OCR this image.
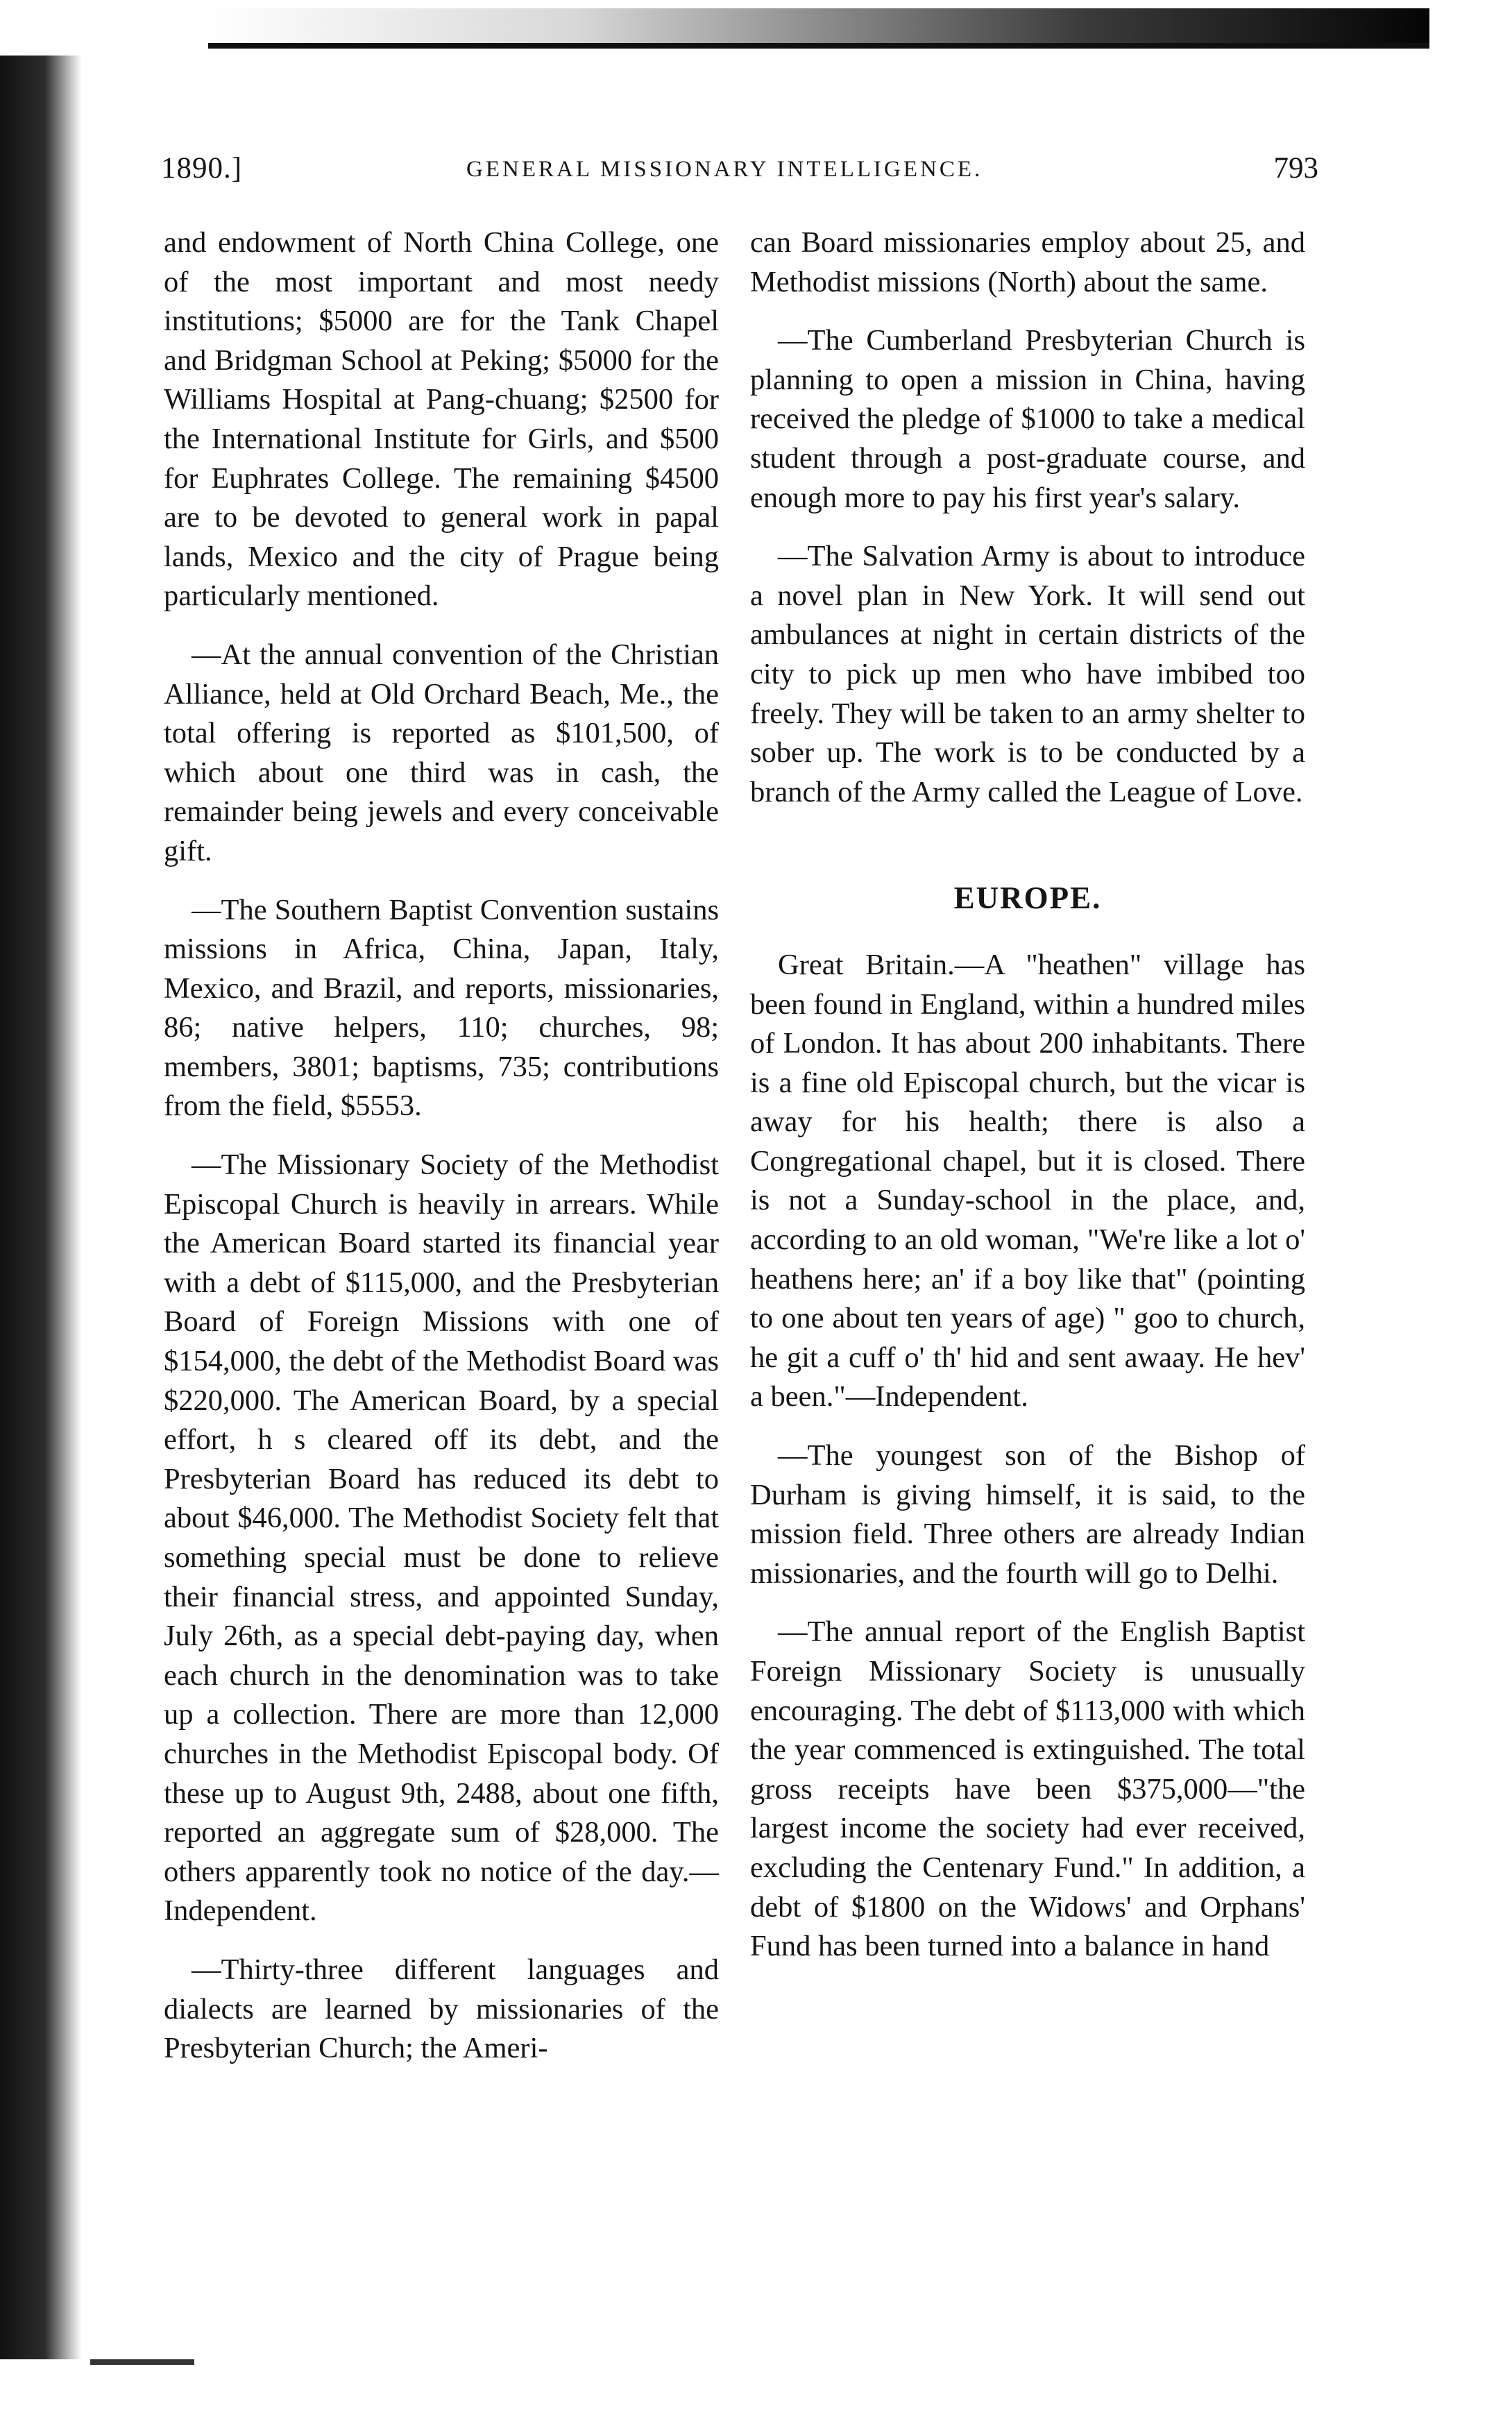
1890.]	GENERAL MISSIONARY INTELLIGENCE.	793

and endowment of North China College, one of the most important and most needy institutions; $5000 are for the Tank Chapel and Bridgman School at Peking; $5000 for the Williams Hospital at Pang-chuang; $2500 for the International Institute for Girls, and $500 for Euphrates College. The remaining $4500 are to be devoted to general work in papal lands, Mexico and the city of Prague being particularly mentioned.

—At the annual convention of the Christian Alliance, held at Old Orchard Beach, Me., the total offering is reported as $101,500, of which about one third was in cash, the remainder being jewels and every conceivable gift.

—The Southern Baptist Convention sustains missions in Africa, China, Japan, Italy, Mexico, and Brazil, and reports, missionaries, 86; native helpers, 110; churches, 98; members, 3801; baptisms, 735; contributions from the field, $5553.

—The Missionary Society of the Methodist Episcopal Church is heavily in arrears. While the American Board started its financial year with a debt of $115,000, and the Presbyterian Board of Foreign Missions with one of $154,000, the debt of the Methodist Board was $220,000. The American Board, by a special effort, h s cleared off its debt, and the Presbyterian Board has reduced its debt to about $46,000. The Methodist Society felt that something special must be done to relieve their financial stress, and appointed Sunday, July 26th, as a special debt-paying day, when each church in the denomination was to take up a collection. There are more than 12,000 churches in the Methodist Episcopal body. Of these up to August 9th, 2488, about one fifth, reported an aggregate sum of $28,000. The others apparently took no notice of the day.—Independent.

—Thirty-three different languages and dialects are learned by missionaries of the Presbyterian Church; the Ameri-

can Board missionaries employ about 25, and Methodist missions (North) about the same.

—The Cumberland Presbyterian Church is planning to open a mission in China, having received the pledge of $1000 to take a medical student through a post-graduate course, and enough more to pay his first year's salary.

—The Salvation Army is about to introduce a novel plan in New York. It will send out ambulances at night in certain districts of the city to pick up men who have imbibed too freely. They will be taken to an army shelter to sober up. The work is to be conducted by a branch of the Army called the League of Love.

EUROPE.

Great Britain.—A "heathen" village has been found in England, within a hundred miles of London. It has about 200 inhabitants. There is a fine old Episcopal church, but the vicar is away for his health; there is also a Congregational chapel, but it is closed. There is not a Sunday-school in the place, and, according to an old woman, "We're like a lot o' heathens here; an' if a boy like that" (pointing to one about ten years of age) " goo to church, he git a cuff o' th' hid and sent awaay. He hev' a been."—Independent.

—The youngest son of the Bishop of Durham is giving himself, it is said, to the mission field. Three others are already Indian missionaries, and the fourth will go to Delhi.

—The annual report of the English Baptist Foreign Missionary Society is unusually encouraging. The debt of $113,000 with which the year commenced is extinguished. The total gross receipts have been $375,000—"the largest income the society had ever received, excluding the Centenary Fund." In addition, a debt of $1800 on the Widows' and Orphans' Fund has been turned into a balance in hand
